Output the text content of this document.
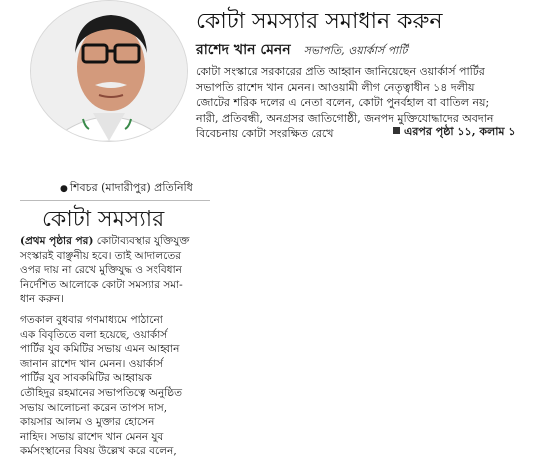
কোটা সমস্যার সমাধান করুন
রাশেদ খান মেনন সভাপতি, ওয়ার্কার্স পার্টি

কোটা সংস্কারে সরকারের প্রতি আহ্বান জানিয়েছেন ওয়ার্কার্স পার্টির
সভাপতি রাশেদ খান মেনন। আওয়ামী লীগ নেতৃত্বাধীন ১৪ দলীয়
জোটের শরিক দলের এ নেতা বলেন, কোটা পুনর্বহাল বা বাতিল নয়;
নারী, প্রতিবন্ধী, অনগ্রসর জাতিগোষ্ঠী, জনপদ মুক্তিযোদ্ধাদের অবদান
বিবেচনায় কোটা সংরক্ষিত রেখে	এরপর পৃষ্ঠা ১১, কলাম ১
● শিবচর (মাদারীপুর) প্রতিনিধি
কোটা সমস্যার

(প্রথম পৃষ্ঠার পর) কোটাব্যবস্থার যুক্তিযুক্ত
সংস্কারই বাঞ্ছনীয় হবে। তাই আদালতের
ওপর দায় না রেখে মুক্তিযুদ্ধ ও সংবিধান
নির্দেশিত আলোকে কোটা সমস্যার সমা-
ধান করুন।
গতকাল বুধবার গণমাধ্যমে পাঠানো
এক বিবৃতিতে বলা হয়েছে, ওয়ার্কার্স
পার্টির যুব কমিটির সভায় এমন আহ্বান
জানান রাশেদ খান মেনন। ওয়ার্কার্স
পার্টির যুব সাবকমিটির আহ্বায়ক
তৌহিদুর রহমানের সভাপতিত্বে অনুষ্ঠিত
সভায় আলোচনা করেন তাপস দাস,
কায়সার আলম ও মুক্তার হোসেন
নাহিদ। সভায় রাশেদ খান মেনন যুব
কর্মসংস্থানের বিষয় উল্লেখ করে বলেন,
